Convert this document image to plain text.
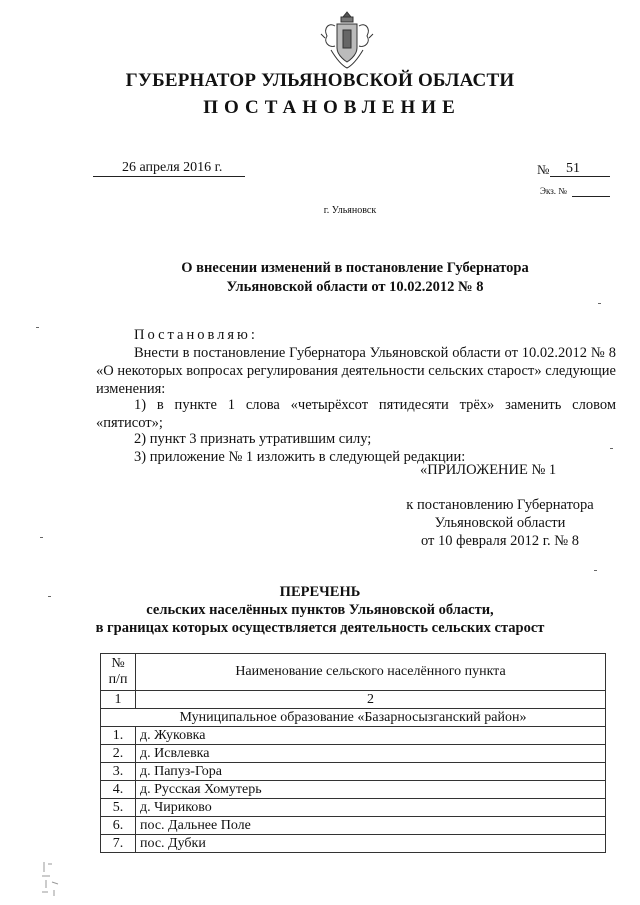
ГУБЕРНАТОР УЛЬЯНОВСКОЙ ОБЛАСТИ
ПОСТАНОВЛЕНИЕ
26 апреля 2016 г.	№ 51
Экз. №
г. Ульяновск
О внесении изменений в постановление Губернатора Ульяновской области от 10.02.2012 № 8
Постановляю:
Внести в постановление Губернатора Ульяновской области от 10.02.2012 № 8 «О некоторых вопросах регулирования деятельности сельских старост» следующие изменения:
1) в пункте 1 слова «четырёхсот пятидесяти трёх» заменить словом «пятисот»;
2) пункт 3 признать утратившим силу;
3) приложение № 1 изложить в следующей редакции:
«ПРИЛОЖЕНИЕ № 1
к постановлению Губернатора
Ульяновской области
от 10 февраля 2012 г. № 8
ПЕРЕЧЕНЬ
сельских населённых пунктов Ульяновской области,
в границах которых осуществляется деятельность сельских старост
№ п/п	Наименование сельского населённого пункта
1	2
Муниципальное образование «Базарносызганский район»	
1.	д. Жуковка
2.	д. Исвлевка
3.	д. Папуз-Гора
4.	д. Русская Хомутерь
5.	д. Чириково
6.	пос. Дальнее Поле
7.	пос. Дубки
